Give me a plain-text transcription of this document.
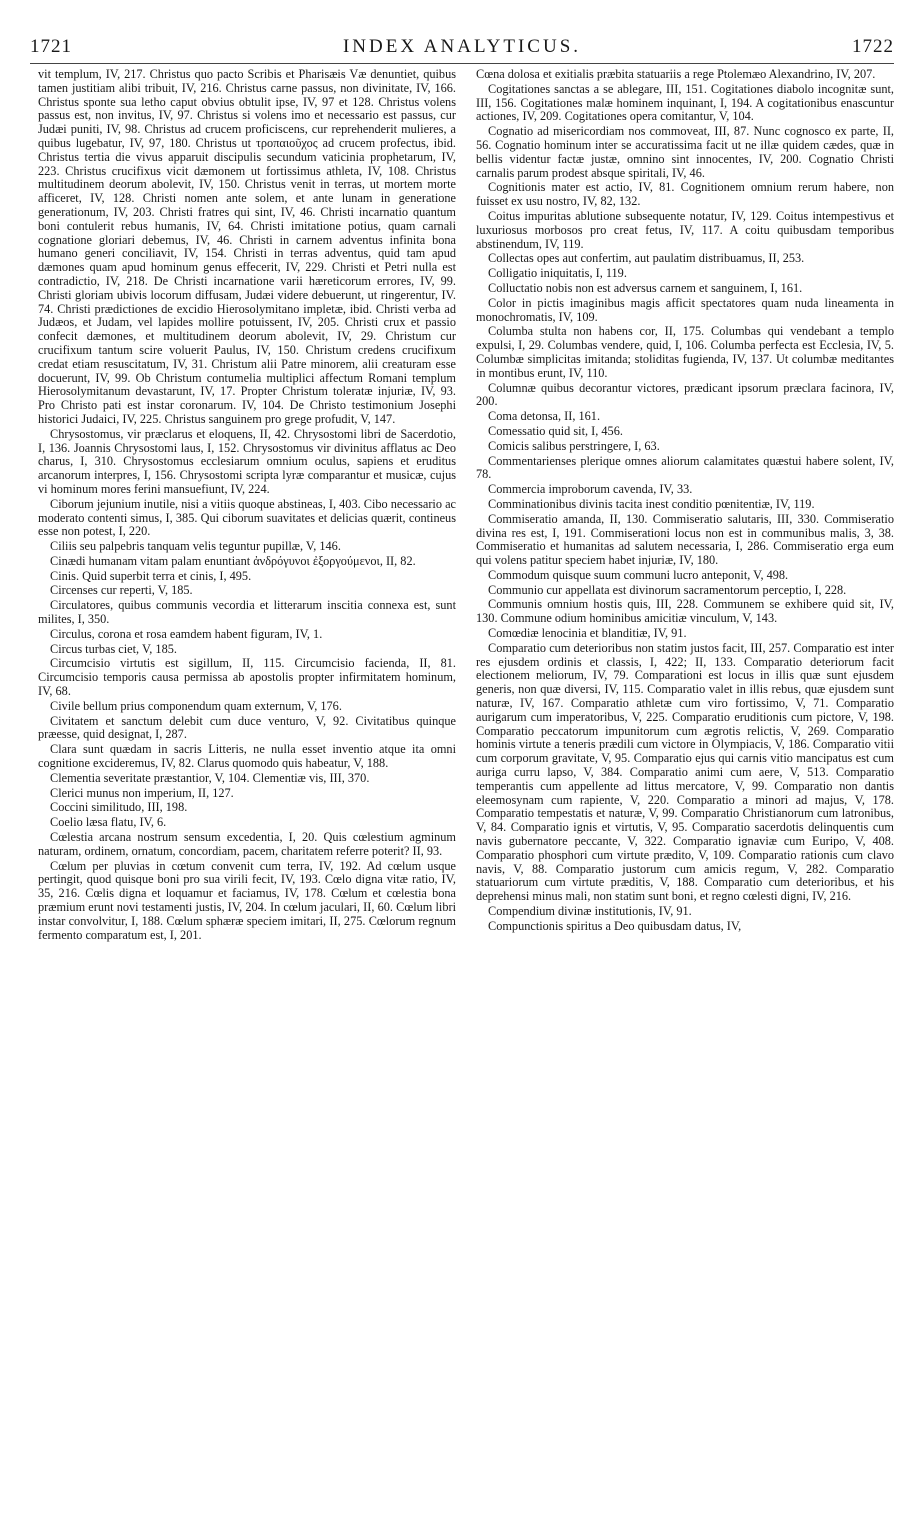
1721	INDEX ANALYTICUS.	1722

vit templum, IV, 217. Christus quo pacto Scribis et Pharisæis Væ denuntiet, quibus tamen justitiam alibi tribuit, IV, 216. Christus carne passus, non divinitate, IV, 166. Christus sponte sua letho caput obvius obtulit ipse, IV, 97 et 128. Christus volens passus est, non invitus, IV, 97. Christus si volens imo et necessario est passus, cur Judæi puniti, IV, 98. Christus ad crucem proficiscens, cur reprehenderit mulieres, a quibus lugebatur, IV, 97, 180. Christus ut τροπαιοῦχος ad crucem profectus, ibid. Christus tertia die vivus apparuit discipulis secundum vaticinia prophetarum, IV, 223. Christus crucifixus vicit dæmonem ut fortissimus athleta, IV, 108. Christus multitudinem deorum abolevit, IV, 150. Christus venit in terras, ut mortem morte afficeret, IV, 128. Christi nomen ante solem, et ante lunam in generatione generationum, IV, 203. Christi fratres qui sint, IV, 46. Christi incarnatio quantum boni contulerit rebus humanis, IV, 64. Christi imitatione potius, quam carnali cognatione gloriari debemus, IV, 46. Christi in carnem adventus infinita bona humano generi conciliavit, IV, 154. Christi in terras adventus, quid tam apud dæmones quam apud hominum genus effecerit, IV, 229. Christi et Petri nulla est contradictio, IV, 218. De Christi incarnatione varii hæreticorum errores, IV, 99. Christi gloriam ubivis locorum diffusam, Judæi videre debuerunt, ut ringerentur, IV. 74. Christi prædictiones de excidio Hierosolymitano impletæ, ibid. Christi verba ad Judæos, et Judam, vel lapides mollire potuissent, IV, 205. Christi crux et passio confecit dæmones, et multitudinem deorum abolevit, IV, 29. Christum cur crucifixum tantum scire voluerit Paulus, IV, 150. Christum credens crucifixum credat etiam resuscitatum, IV, 31. Christum alii Patre minorem, alii creaturam esse docuerunt, IV, 99. Ob Christum contumelia multiplici affectum Romani templum Hierosolymitanum devastarunt, IV, 17. Propter Christum toleratæ injuriæ, IV, 93. Pro Christo pati est instar coronarum. IV, 104. De Christo testimonium Josephi historici Judaici, IV, 225. Christus sanguinem pro grege profudit, V, 147.

Chrysostomus, vir præclarus et eloquens, II, 42. Chrysostomi libri de Sacerdotio, I, 136. Joannis Chrysostomi laus, I, 152. Chrysostomus vir divinitus afflatus ac Deo charus, I, 310. Chrysostomus ecclesiarum omnium oculus, sapiens et eruditus arcanorum interpres, I, 156. Chrysostomi scripta lyræ comparantur et musicæ, cujus vi hominum mores ferini mansuefiunt, IV, 224.

Ciborum jejunium inutile, nisi a vitiis quoque abstineas, I, 403. Cibo necessario ac moderato contenti simus, I, 385. Qui ciborum suavitates et delicias quærit, contineus esse non potest, I, 220.

Ciliis seu palpebris tanquam velis teguntur pupillæ, V, 146.

Cinædi humanam vitam palam enuntiant ἀνδρόγυνοι ἐξοργούμενοι, II, 82.

Cinis. Quid superbit terra et cinis, I, 495.

Circenses cur reperti, V, 185.

Circulatores, quibus communis vecordia et litterarum inscitia connexa est, sunt milites, I, 350.

Circulus, corona et rosa eamdem habent figuram, IV, 1.

Circus turbas ciet, V, 185.

Circumcisio virtutis est sigillum, II, 115. Circumcisio facienda, II, 81. Circumcisio temporis causa permissa ab apostolis propter infirmitatem hominum, IV, 68.

Civile bellum prius componendum quam externum, V, 176.

Civitatem et sanctum delebit cum duce venturo, V, 92. Civitatibus quinque præesse, quid designat, I, 287.

Clara sunt quædam in sacris Litteris, ne nulla esset inventio atque ita omni cognitione excideremus, IV, 82. Clarus quomodo quis habeatur, V, 188.

Clementia severitate præstantior, V, 104. Clementiæ vis, III, 370.

Clerici munus non imperium, II, 127.

Coccini similitudo, III, 198.

Coelio læsa flatu, IV, 6.

Cœlestia arcana nostrum sensum excedentia, I, 20. Quis cœlestium agminum naturam, ordinem, ornatum, concordiam, pacem, charitatem referre poterit? II, 93.

Cœlum per pluvias in cœtum convenit cum terra, IV, 192. Ad cœlum usque pertingit, quod quisque boni pro sua virili fecit, IV, 193. Cœlo digna vitæ ratio, IV, 35, 216. Cœlis digna et loquamur et faciamus, IV, 178. Cœlum et cœlestia bona præmium erunt novi testamenti justis, IV, 204. In cœlum jaculari, II, 60. Cœlum libri instar convolvitur, I, 188. Cœlum sphæræ speciem imitari, II, 275. Cœlorum regnum fermento comparatum est, I, 201.

Cœna dolosa et exitialis præbita statuariis a rege Ptolemæo Alexandrino, IV, 207.

Cogitationes sanctas a se ablegare, III, 151. Cogitationes diabolo incognitæ sunt, III, 156. Cogitationes malæ hominem inquinant, I, 194. A cogitationibus enascuntur actiones, IV, 209. Cogitationes opera comitantur, V, 104.

Cognatio ad misericordiam nos commoveat, III, 87. Nunc cognosco ex parte, II, 56. Cognatio hominum inter se accuratissima facit ut ne illæ quidem cædes, quæ in bellis videntur factæ justæ, omnino sint innocentes, IV, 200. Cognatio Christi carnalis parum prodest absque spiritali, IV, 46.

Cognitionis mater est actio, IV, 81. Cognitionem omnium rerum habere, non fuisset ex usu nostro, IV, 82, 132.

Coitus impuritas ablutione subsequente notatur, IV, 129. Coitus intempestivus et luxuriosus morbosos pro creat fetus, IV, 117. A coitu quibusdam temporibus abstinendum, IV, 119.

Collectas opes aut confertim, aut paulatim distribuamus, II, 253.

Colligatio iniquitatis, I, 119.

Colluctatio nobis non est adversus carnem et sanguinem, I, 161.

Color in pictis imaginibus magis afficit spectatores quam nuda lineamenta in monochromatis, IV, 109.

Columba stulta non habens cor, II, 175. Columbas qui vendebant a templo expulsi, I, 29. Columbas vendere, quid, I, 106. Columba perfecta est Ecclesia, IV, 5. Columbæ simplicitas imitanda; stoliditas fugienda, IV, 137. Ut columbæ meditantes in montibus erunt, IV, 110.

Columnæ quibus decorantur victores, prædicant ipsorum præclara facinora, IV, 200.

Coma detonsa, II, 161.

Comessatio quid sit, I, 456.

Comicis salibus perstringere, I, 63.

Commentarienses plerique omnes aliorum calamitates quæstui habere solent, IV, 78.

Commercia improborum cavenda, IV, 33.

Comminationibus divinis tacita inest conditio pœnitentiæ, IV, 119.

Commiseratio amanda, II, 130. Commiseratio salutaris, III, 330. Commiseratio divina res est, I, 191. Commiserationi locus non est in communibus malis, 3, 38. Commiseratio et humanitas ad salutem necessaria, I, 286. Commiseratio erga eum qui volens patitur speciem habet injuriæ, IV, 180.

Commodum quisque suum communi lucro anteponit, V, 498.

Communio cur appellata est divinorum sacramentorum perceptio, I, 228.

Communis omnium hostis quis, III, 228. Communem se exhibere quid sit, IV, 130. Commune odium hominibus amicitiæ vinculum, V, 143.

Comœdiæ lenocinia et blanditiæ, IV, 91.

Comparatio cum deterioribus non statim justos facit, III, 257. Comparatio est inter res ejusdem ordinis et classis, I, 422; II, 133. Comparatio deteriorum facit electionem meliorum, IV, 79. Comparationi est locus in illis quæ sunt ejusdem generis, non quæ diversi, IV, 115. Comparatio valet in illis rebus, quæ ejusdem sunt naturæ, IV, 167. Comparatio athletæ cum viro fortissimo, V, 71. Comparatio aurigarum cum imperatoribus, V, 225. Comparatio eruditionis cum pictore, V, 198. Comparatio peccatorum impunitorum cum ægrotis relictis, V, 269. Comparatio hominis virtute a teneris prædili cum victore in Olympiacis, V, 186. Comparatio vitii cum corporum gravitate, V, 95. Comparatio ejus qui carnis vitio mancipatus est cum auriga curru lapso, V, 384. Comparatio animi cum aere, V, 513. Comparatio temperantis cum appellente ad littus mercatore, V, 99. Comparatio non dantis eleemosynam cum rapiente, V, 220. Comparatio a minori ad majus, V, 178. Comparatio tempestatis et naturæ, V, 99. Comparatio Christianorum cum latronibus, V, 84. Comparatio ignis et virtutis, V, 95. Comparatio sacerdotis delinquentis cum navis gubernatore peccante, V, 322. Comparatio ignaviæ cum Euripo, V, 408. Comparatio phosphori cum virtute prædito, V, 109. Comparatio rationis cum clavo navis, V, 88. Comparatio justorum cum amicis regum, V, 282. Comparatio statuariorum cum virtute præditis, V, 188. Comparatio cum deterioribus, et his deprehensi minus mali, non statim sunt boni, et regno cœlesti digni, IV, 216.

Compendium divinæ institutionis, IV, 91.

Compunctionis spiritus a Deo quibusdam datus, IV,
